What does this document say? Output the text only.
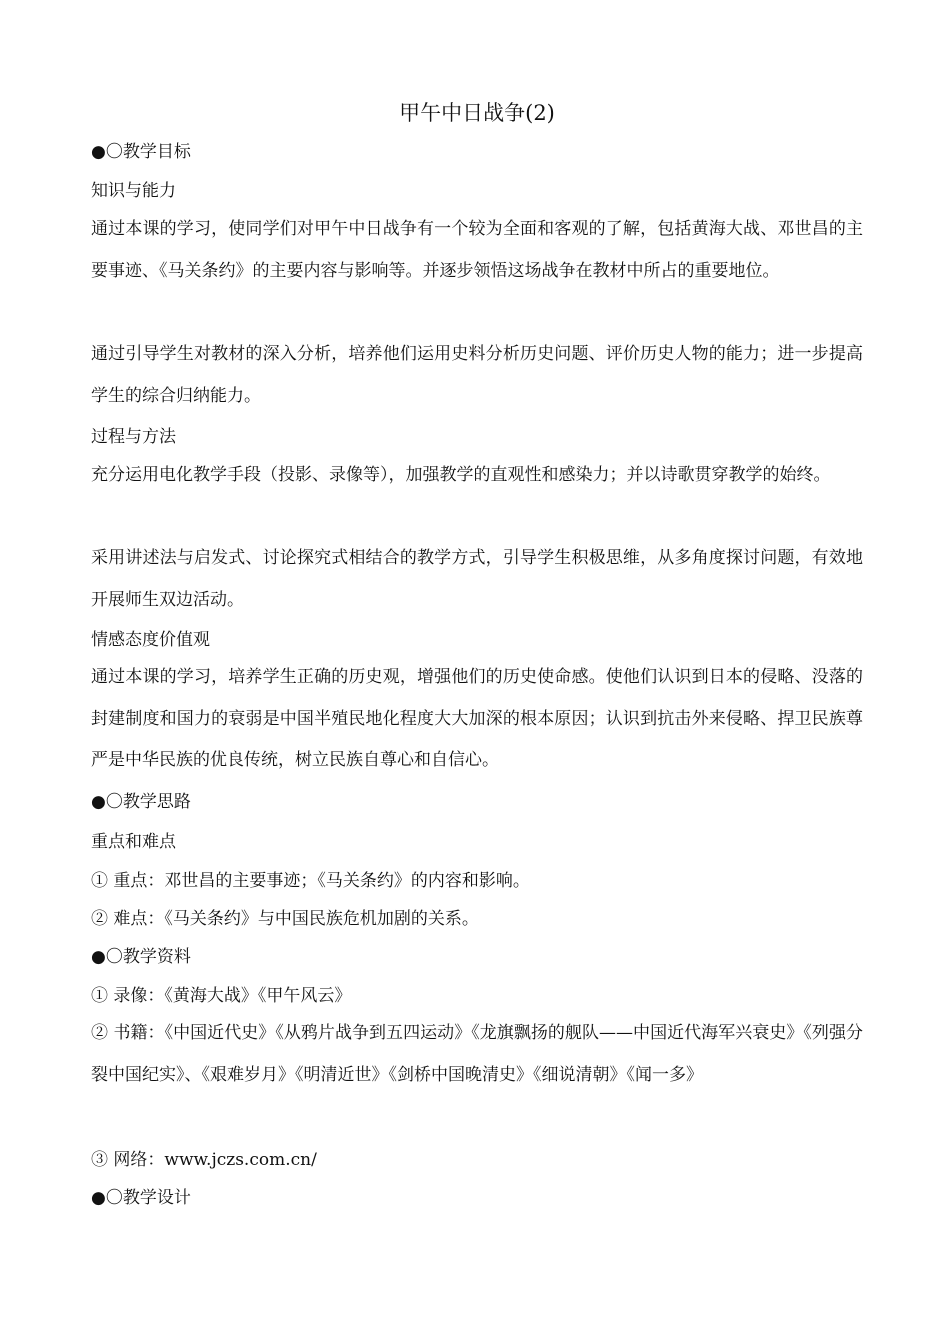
甲午中日战争(2)

●〇教学目标

知识与能力

通过本课的学习，使同学们对甲午中日战争有一个较为全面和客观的了解，包括黄海大战、邓世昌的主要事迹、《马关条约》的主要内容与影响等。并逐步领悟这场战争在教材中所占的重要地位。

通过引导学生对教材的深入分析，培养他们运用史料分析历史问题、评价历史人物的能力；进一步提高学生的综合归纳能力。

过程与方法

充分运用电化教学手段（投影、录像等），加强教学的直观性和感染力；并以诗歌贯穿教学的始终。

采用讲述法与启发式、讨论探究式相结合的教学方式，引导学生积极思维，从多角度探讨问题，有效地开展师生双边活动。

情感态度价值观

通过本课的学习，培养学生正确的历史观，增强他们的历史使命感。使他们认识到日本的侵略、没落的封建制度和国力的衰弱是中国半殖民地化程度大大加深的根本原因；认识到抗击外来侵略、捍卫民族尊严是中华民族的优良传统，树立民族自尊心和自信心。

●〇教学思路

重点和难点

① 重点：邓世昌的主要事迹；《马关条约》的内容和影响。

② 难点：《马关条约》与中国民族危机加剧的关系。

●〇教学资料

① 录像：《黄海大战》《甲午风云》

② 书籍：《中国近代史》《从鸦片战争到五四运动》《龙旗飘扬的舰队——中国近代海军兴衰史》《列强分裂中国纪实》、《艰难岁月》《明清近世》《剑桥中国晚清史》《细说清朝》《闻一多》

③ 网络：www.jczs.com.cn/

●〇教学设计
